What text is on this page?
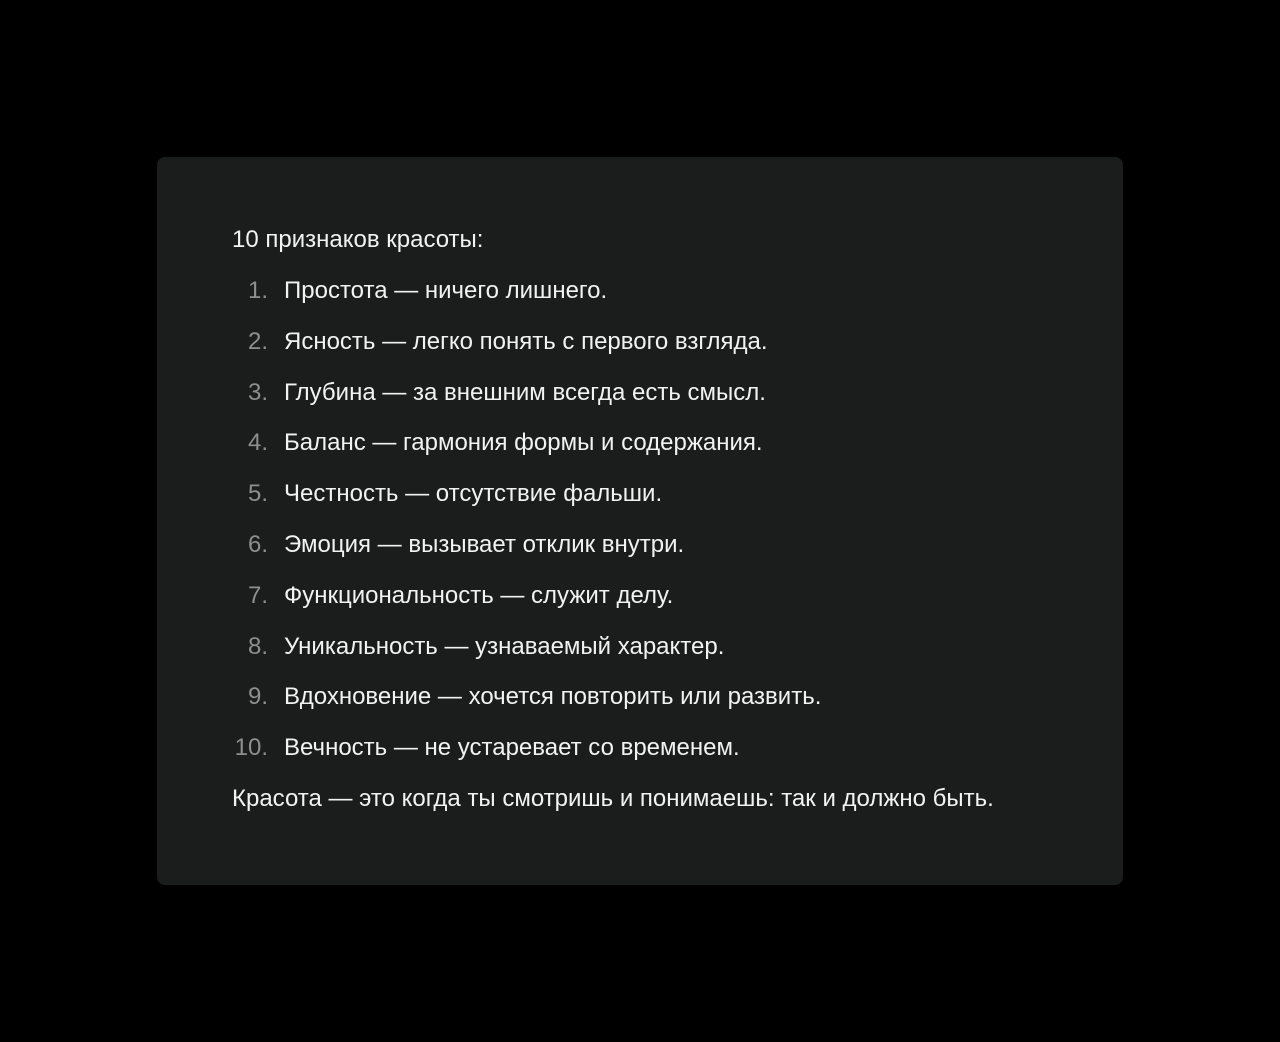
10 признаков красоты:

1. Простота — ничего лишнего.
2. Ясность — легко понять с первого взгляда.
3. Глубина — за внешним всегда есть смысл.
4. Баланс — гармония формы и содержания.
5. Честность — отсутствие фальши.
6. Эмоция — вызывает отклик внутри.
7. Функциональность — служит делу.
8. Уникальность — узнаваемый характер.
9. Вдохновение — хочется повторить или развить.
10. Вечность — не устаревает со временем.

Красота — это когда ты смотришь и понимаешь: так и должно быть.
